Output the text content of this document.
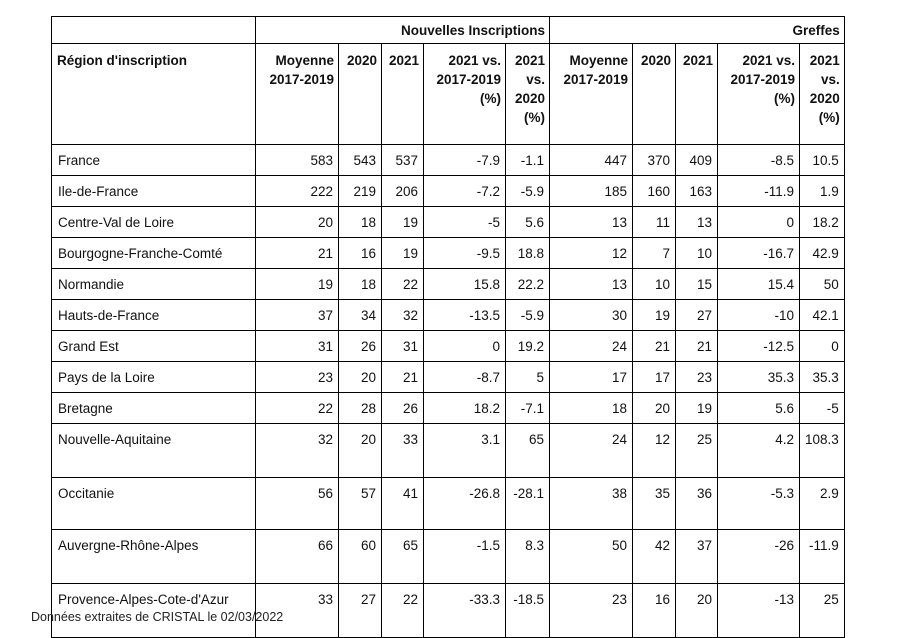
	Nouvelles Inscriptions					Greffes				
Région d'inscription	Moyenne 2017-2019	2020	2021	2021 vs. 2017-2019 (%)	2021 vs. 2020 (%)	Moyenne 2017-2019	2020	2021	2021 vs. 2017-2019 (%)	2021 vs. 2020 (%)
France	583	543	537	-7.9	-1.1	447	370	409	-8.5	10.5
Ile-de-France	222	219	206	-7.2	-5.9	185	160	163	-11.9	1.9
Centre-Val de Loire	20	18	19	-5	5.6	13	11	13	0	18.2
Bourgogne-Franche-Comté	21	16	19	-9.5	18.8	12	7	10	-16.7	42.9
Normandie	19	18	22	15.8	22.2	13	10	15	15.4	50
Hauts-de-France	37	34	32	-13.5	-5.9	30	19	27	-10	42.1
Grand Est	31	26	31	0	19.2	24	21	21	-12.5	0
Pays de la Loire	23	20	21	-8.7	5	17	17	23	35.3	35.3
Bretagne	22	28	26	18.2	-7.1	18	20	19	5.6	-5
Nouvelle-Aquitaine	32	20	33	3.1	65	24	12	25	4.2	108.3
Occitanie	56	57	41	-26.8	-28.1	38	35	36	-5.3	2.9
Auvergne-Rhône-Alpes	66	60	65	-1.5	8.3	50	42	37	-26	-11.9
Provence-Alpes-Cote-d'Azur	33	27	22	-33.3	-18.5	23	16	20	-13	25
Données extraites de CRISTAL le 02/03/2022
